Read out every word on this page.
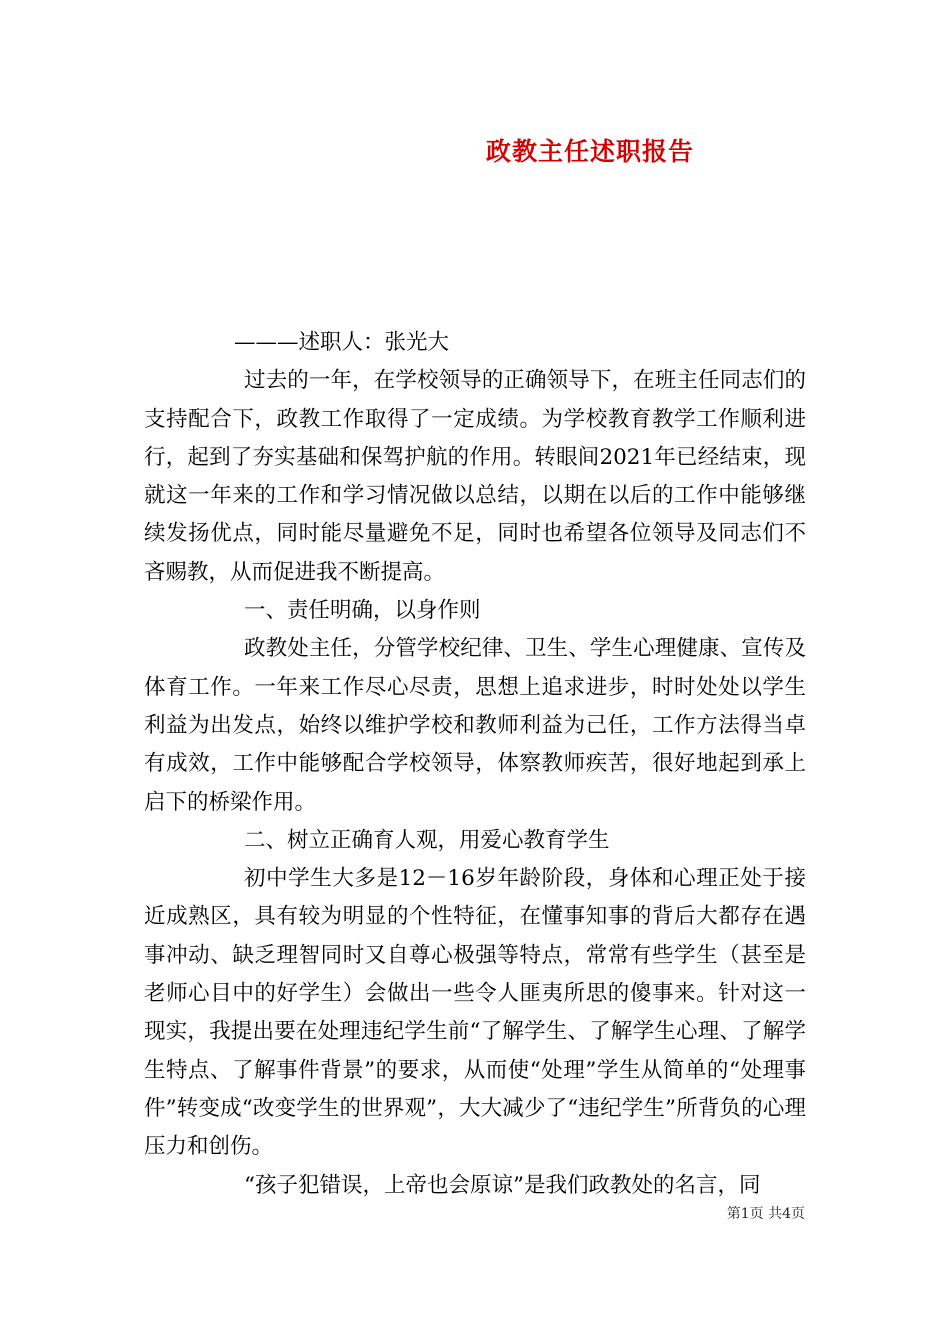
政教主任述职报告

———述职人：张光大

过去的一年，在学校领导的正确领导下，在班主任同志们的支持配合下，政教工作取得了一定成绩。为学校教育教学工作顺利进行，起到了夯实基础和保驾护航的作用。转眼间2021年已经结束，现就这一年来的工作和学习情况做以总结，以期在以后的工作中能够继续发扬优点，同时能尽量避免不足，同时也希望各位领导及同志们不吝赐教，从而促进我不断提高。

一、责任明确，以身作则

政教处主任，分管学校纪律、卫生、学生心理健康、宣传及体育工作。一年来工作尽心尽责，思想上追求进步，时时处处以学生利益为出发点，始终以维护学校和教师利益为己任，工作方法得当卓有成效，工作中能够配合学校领导，体察教师疾苦，很好地起到承上启下的桥梁作用。

二、树立正确育人观，用爱心教育学生

初中学生大多是12－16岁年龄阶段，身体和心理正处于接近成熟区，具有较为明显的个性特征，在懂事知事的背后大都存在遇事冲动、缺乏理智同时又自尊心极强等特点，常常有些学生（甚至是老师心目中的好学生）会做出一些令人匪夷所思的傻事来。针对这一现实，我提出要在处理违纪学生前“了解学生、了解学生心理、了解学生特点、了解事件背景”的要求，从而使“处理”学生从简单的“处理事件”转变成“改变学生的世界观”，大大减少了“违纪学生”所背负的心理压力和创伤。

“孩子犯错误，上帝也会原谅”是我们政教处的名言，同

第1页 共4页
